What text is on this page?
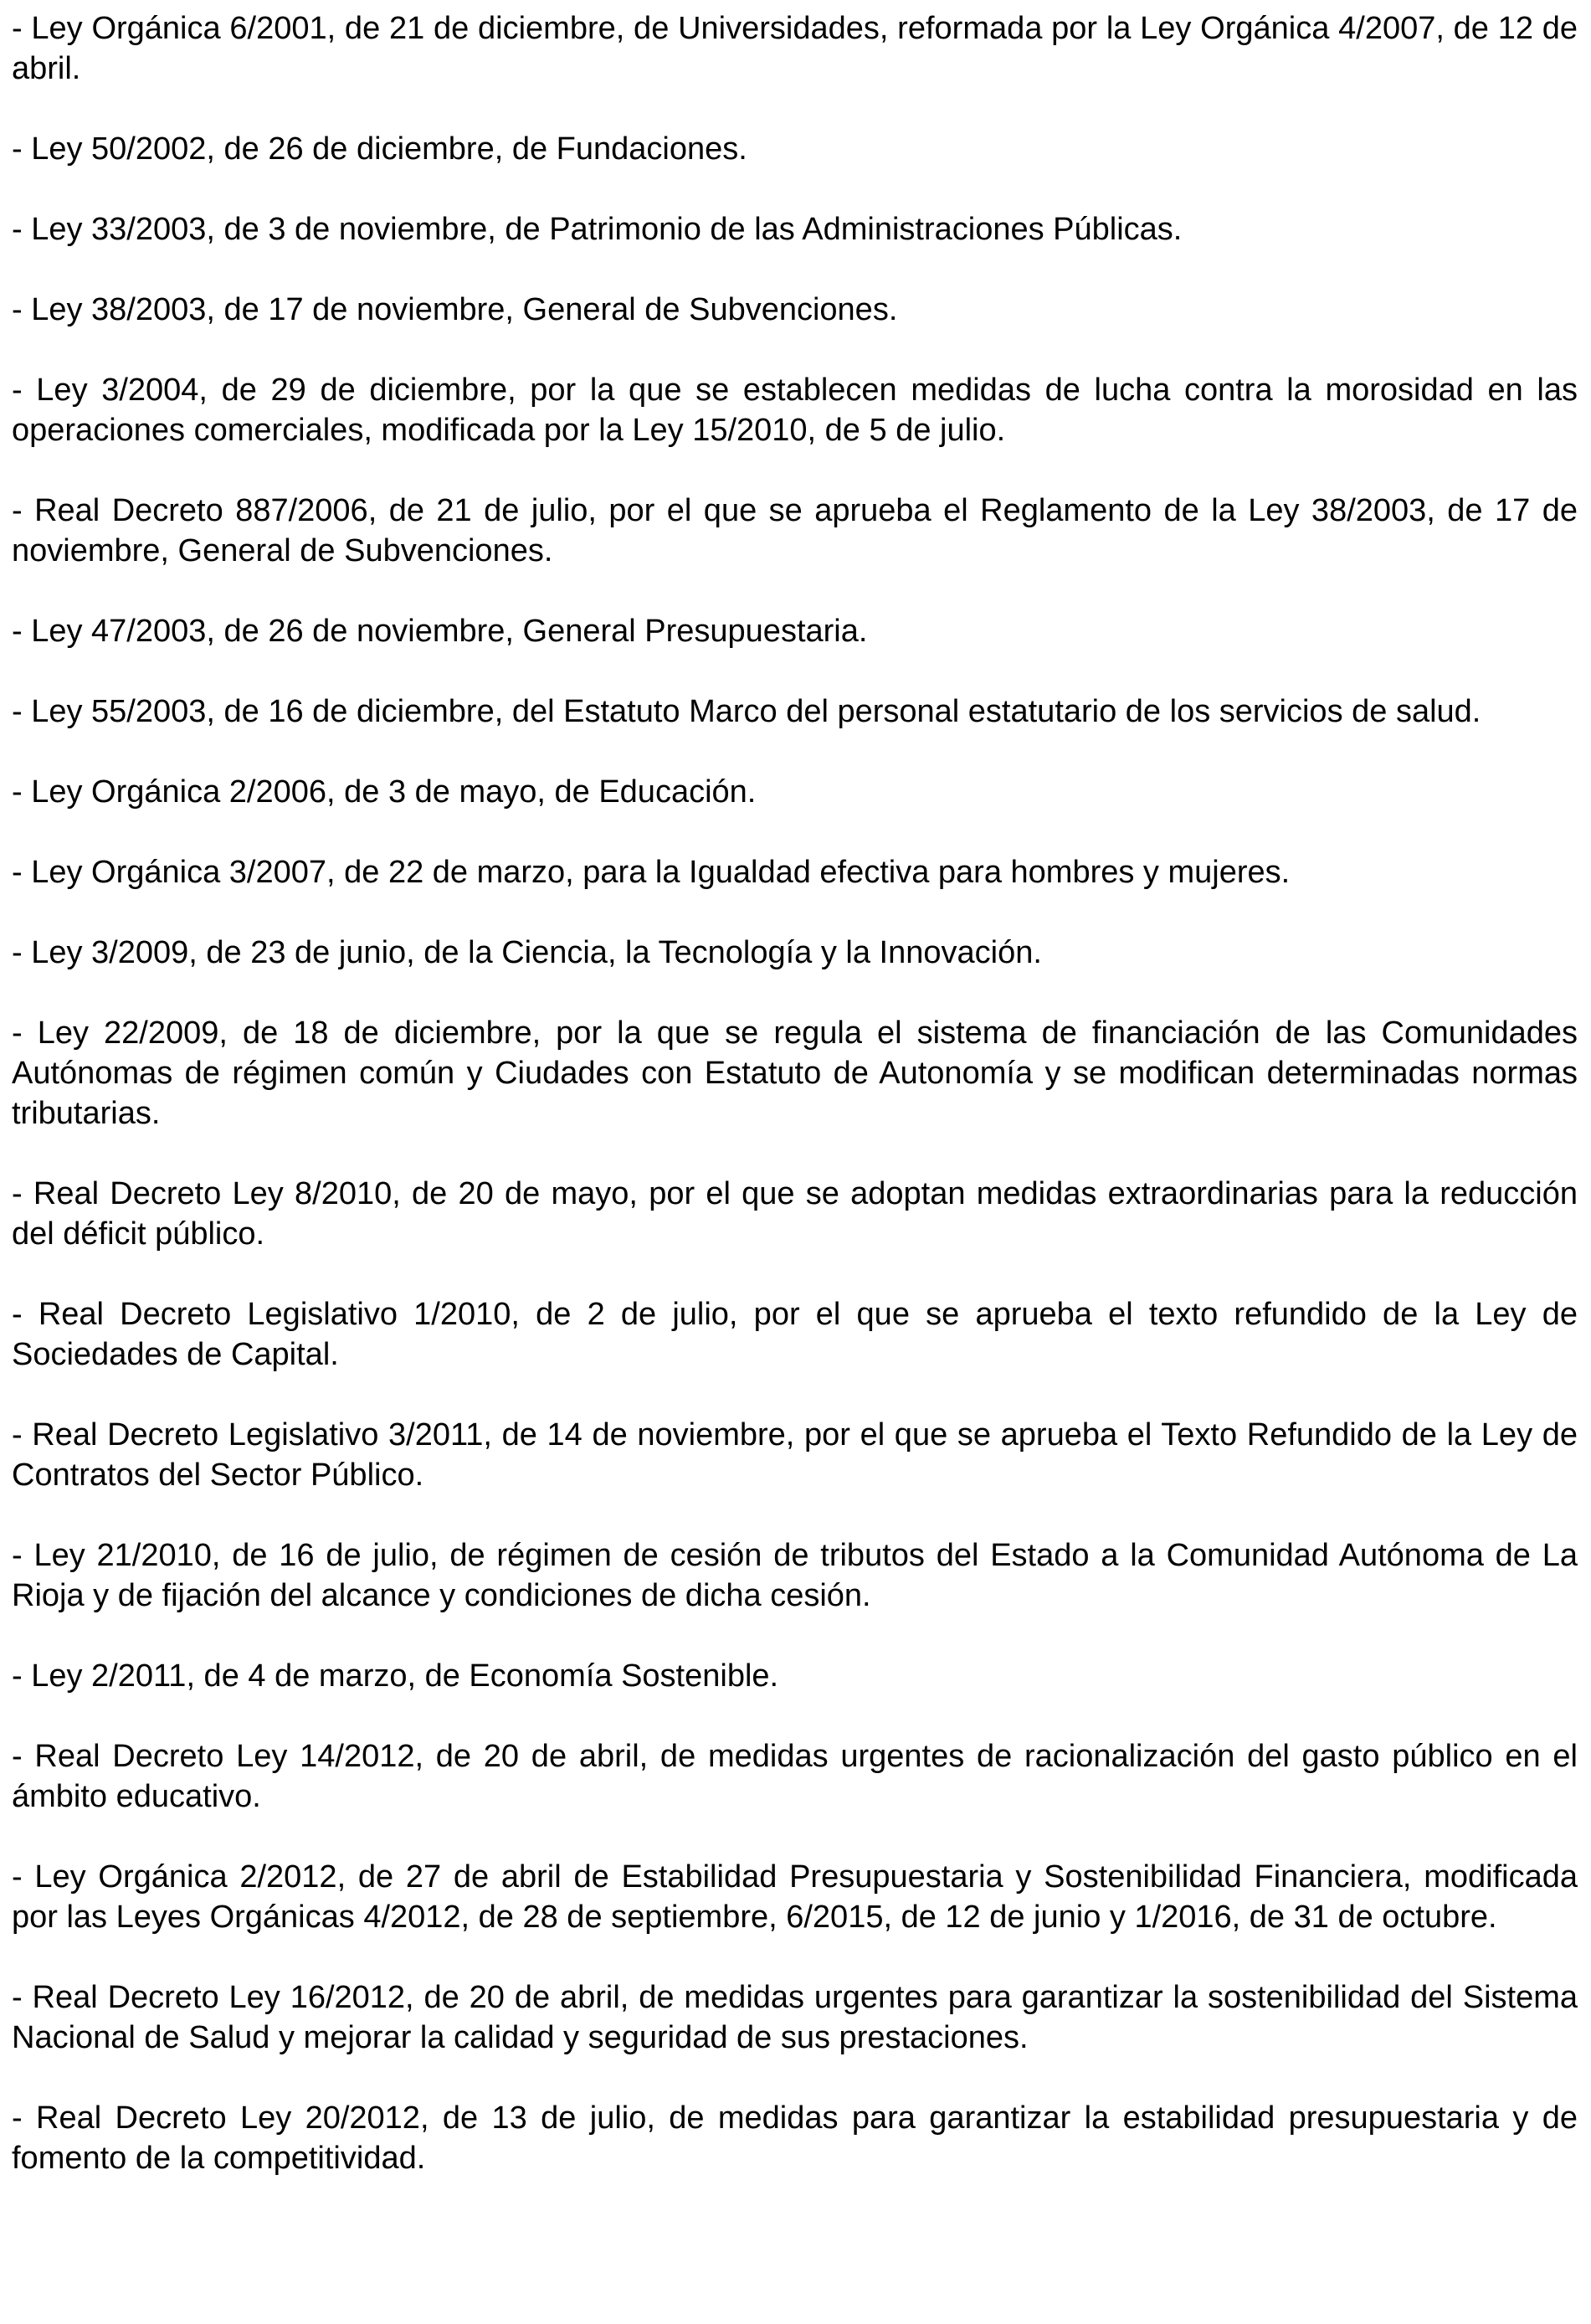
- Ley Orgánica 6/2001, de 21 de diciembre, de Universidades, reformada por la Ley Orgánica 4/2007, de 12 de abril.

- Ley 50/2002, de 26 de diciembre, de Fundaciones.

- Ley 33/2003, de 3 de noviembre, de Patrimonio de las Administraciones Públicas.

- Ley 38/2003, de 17 de noviembre, General de Subvenciones.

- Ley 3/2004, de 29 de diciembre, por la que se establecen medidas de lucha contra la morosidad en las operaciones comerciales, modificada por la Ley 15/2010, de 5 de julio.

- Real Decreto 887/2006, de 21 de julio, por el que se aprueba el Reglamento de la Ley 38/2003, de 17 de noviembre, General de Subvenciones.

- Ley 47/2003, de 26 de noviembre, General Presupuestaria.

- Ley 55/2003, de 16 de diciembre, del Estatuto Marco del personal estatutario de los servicios de salud.

- Ley Orgánica 2/2006, de 3 de mayo, de Educación.

- Ley Orgánica 3/2007, de 22 de marzo, para la Igualdad efectiva para hombres y mujeres.

- Ley 3/2009, de 23 de junio, de la Ciencia, la Tecnología y la Innovación.

- Ley 22/2009, de 18 de diciembre, por la que se regula el sistema de financiación de las Comunidades Autónomas de régimen común y Ciudades con Estatuto de Autonomía y se modifican determinadas normas tributarias.

- Real Decreto Ley 8/2010, de 20 de mayo, por el que se adoptan medidas extraordinarias para la reducción del déficit público.

- Real Decreto Legislativo 1/2010, de 2 de julio, por el que se aprueba el texto refundido de la Ley de Sociedades de Capital.

- Real Decreto Legislativo 3/2011, de 14 de noviembre, por el que se aprueba el Texto Refundido de la Ley de Contratos del Sector Público.

- Ley 21/2010, de 16 de julio, de régimen de cesión de tributos del Estado a la Comunidad Autónoma de La Rioja y de fijación del alcance y condiciones de dicha cesión.

- Ley 2/2011, de 4 de marzo, de Economía Sostenible.

- Real Decreto Ley 14/2012, de 20 de abril, de medidas urgentes de racionalización del gasto público en el ámbito educativo.

- Ley Orgánica 2/2012, de 27 de abril de Estabilidad Presupuestaria y Sostenibilidad Financiera, modificada por las Leyes Orgánicas 4/2012, de 28 de septiembre, 6/2015, de 12 de junio y 1/2016, de 31 de octubre.

- Real Decreto Ley 16/2012, de 20 de abril, de medidas urgentes para garantizar la sostenibilidad del Sistema Nacional de Salud y mejorar la calidad y seguridad de sus prestaciones.

- Real Decreto Ley 20/2012, de 13 de julio, de medidas para garantizar la estabilidad presupuestaria y de fomento de la competitividad.
